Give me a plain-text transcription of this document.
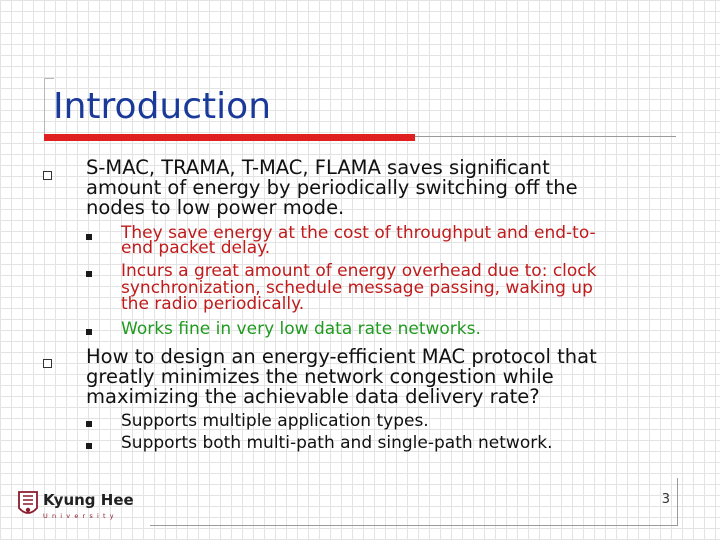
Introduction

S-MAC, TRAMA, T-MAC, FLAMA saves significant

amount of energy by periodically switching off the

nodes to low power mode.

They save energy at the cost of throughput and end-to-

end packet delay.

Incurs a great amount of energy overhead due to: clock

synchronization, schedule message passing, waking up

the radio periodically.

Works fine in very low data rate networks.

How to design an energy-efficient MAC protocol that

greatly minimizes the network congestion while

maximizing the achievable data delivery rate?

Supports multiple application types.

Supports both multi-path and single-path network.

Kyung Hee
University
3
